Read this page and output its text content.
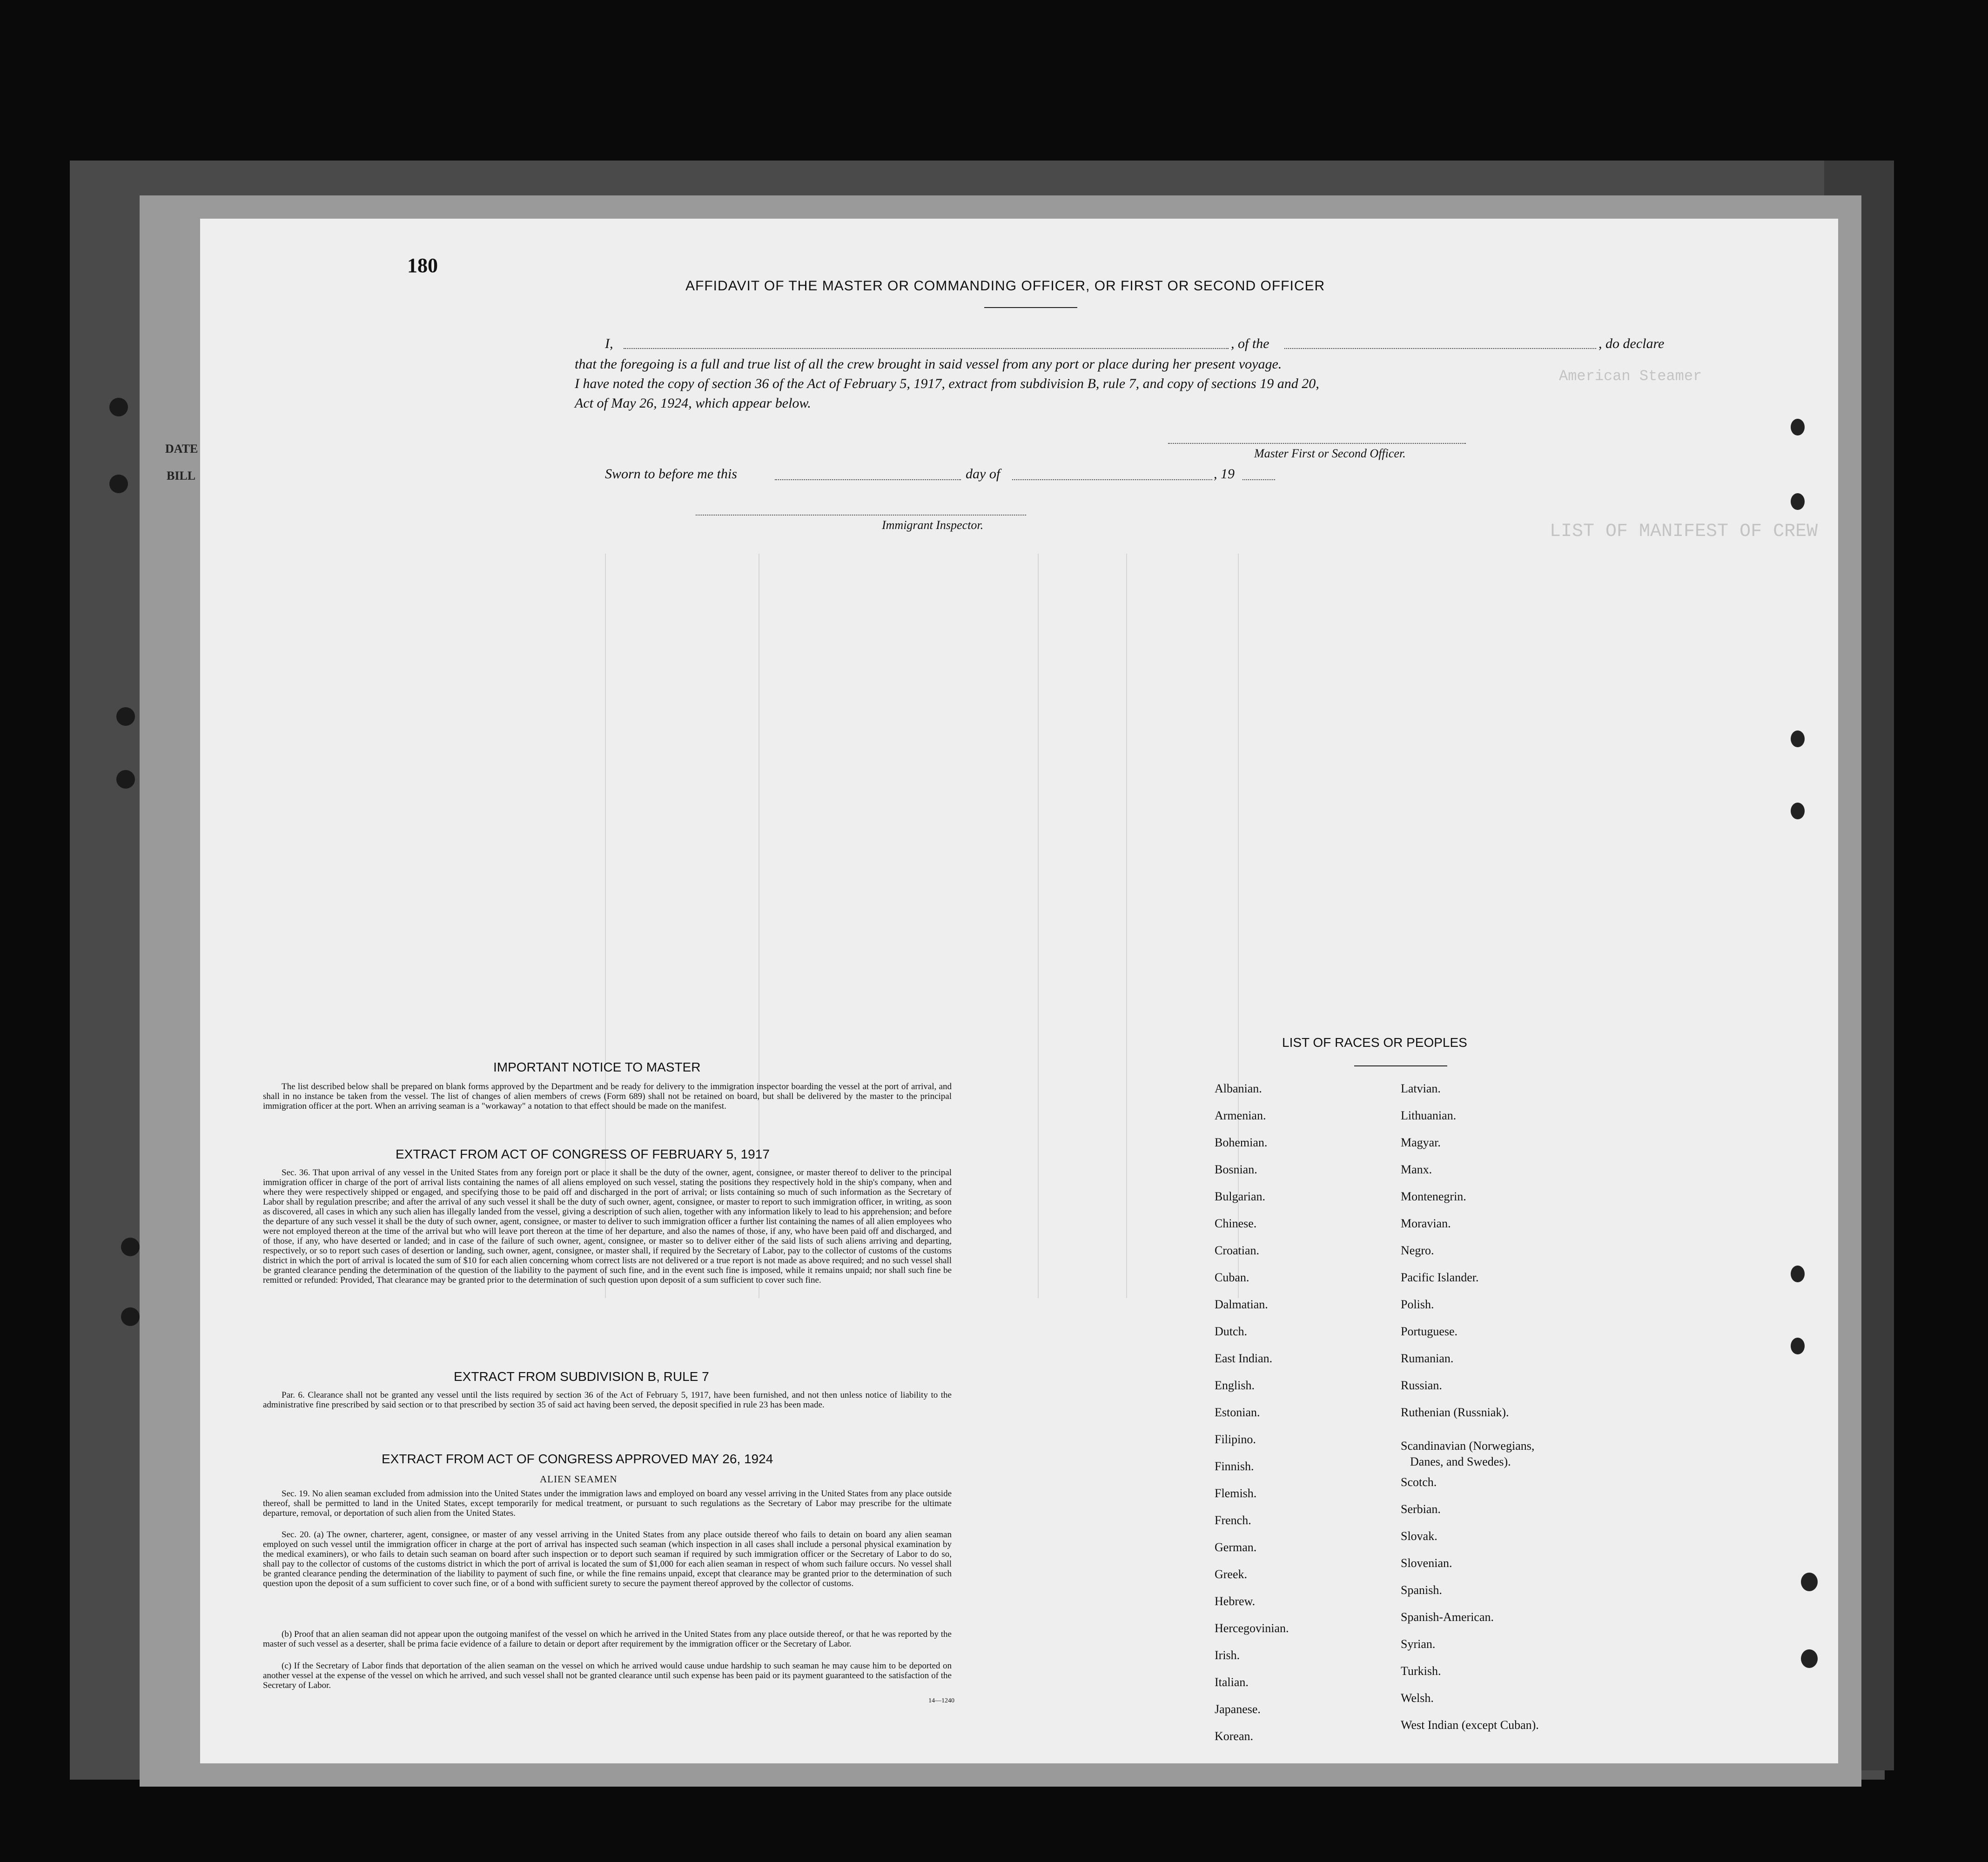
DATE
BILL
LIST OF MANIFEST OF CREW
American Steamer
180
AFFIDAVIT OF THE MASTER OR COMMANDING OFFICER, OR FIRST OR SECOND OFFICER
I,	, of the	, do declare
that the foregoing is a full and true list of all the crew brought in said vessel from any port or place during her present voyage.
I have noted the copy of section 36 of the Act of February 5, 1917, extract from subdivision B, rule 7, and copy of sections 19 and 20,
Act of May 26, 1924, which appear below.
Master First or Second Officer.
Sworn to before me this	day of	, 19
Immigrant Inspector.
IMPORTANT NOTICE TO MASTER
The list described below shall be prepared on blank forms approved by the Department and be ready for delivery to the immigration inspector boarding the vessel at the port of arrival, and shall in no instance be taken from the vessel. The list of changes of alien members of crews (Form 689) shall not be retained on board, but shall be delivered by the master to the principal immigration officer at the port. When an arriving seaman is a "workaway" a notation to that effect should be made on the manifest.
EXTRACT FROM ACT OF CONGRESS OF FEBRUARY 5, 1917
Sec. 36. That upon arrival of any vessel in the United States from any foreign port or place it shall be the duty of the owner, agent, consignee, or master thereof to deliver to the principal immigration officer in charge of the port of arrival lists containing the names of all aliens employed on such vessel, stating the positions they respectively hold in the ship's company, when and where they were respectively shipped or engaged, and specifying those to be paid off and discharged in the port of arrival; or lists containing so much of such information as the Secretary of Labor shall by regulation prescribe; and after the arrival of any such vessel it shall be the duty of such owner, agent, consignee, or master to report to such immigration officer, in writing, as soon as discovered, all cases in which any such alien has illegally landed from the vessel, giving a description of such alien, together with any information likely to lead to his apprehension; and before the departure of any such vessel it shall be the duty of such owner, agent, consignee, or master to deliver to such immigration officer a further list containing the names of all alien employees who were not employed thereon at the time of the arrival but who will leave port thereon at the time of her departure, and also the names of those, if any, who have been paid off and discharged, and of those, if any, who have deserted or landed; and in case of the failure of such owner, agent, consignee, or master so to deliver either of the said lists of such aliens arriving and departing, respectively, or so to report such cases of desertion or landing, such owner, agent, consignee, or master shall, if required by the Secretary of Labor, pay to the collector of customs of the customs district in which the port of arrival is located the sum of $10 for each alien concerning whom correct lists are not delivered or a true report is not made as above required; and no such vessel shall be granted clearance pending the determination of the question of the liability to the payment of such fine, and in the event such fine is imposed, while it remains unpaid; nor shall such fine be remitted or refunded: Provided, That clearance may be granted prior to the determination of such question upon deposit of a sum sufficient to cover such fine.
EXTRACT FROM SUBDIVISION B, RULE 7
Par. 6. Clearance shall not be granted any vessel until the lists required by section 36 of the Act of February 5, 1917, have been furnished, and not then unless notice of liability to the administrative fine prescribed by said section or to that prescribed by section 35 of said act having been served, the deposit specified in rule 23 has been made.
EXTRACT FROM ACT OF CONGRESS APPROVED MAY 26, 1924
ALIEN SEAMEN
Sec. 19. No alien seaman excluded from admission into the United States under the immigration laws and employed on board any vessel arriving in the United States from any place outside thereof, shall be permitted to land in the United States, except temporarily for medical treatment, or pursuant to such regulations as the Secretary of Labor may prescribe for the ultimate departure, removal, or deportation of such alien from the United States.
Sec. 20. (a) The owner, charterer, agent, consignee, or master of any vessel arriving in the United States from any place outside thereof who fails to detain on board any alien seaman employed on such vessel until the immigration officer in charge at the port of arrival has inspected such seaman (which inspection in all cases shall include a personal physical examination by the medical examiners), or who fails to detain such seaman on board after such inspection or to deport such seaman if required by such immigration officer or the Secretary of Labor to do so, shall pay to the collector of customs of the customs district in which the port of arrival is located the sum of $1,000 for each alien seaman in respect of whom such failure occurs. No vessel shall be granted clearance pending the determination of the liability to payment of such fine, or while the fine remains unpaid, except that clearance may be granted prior to the determination of such question upon the deposit of a sum sufficient to cover such fine, or of a bond with sufficient surety to secure the payment thereof approved by the collector of customs.
(b) Proof that an alien seaman did not appear upon the outgoing manifest of the vessel on which he arrived in the United States from any place outside thereof, or that he was reported by the master of such vessel as a deserter, shall be prima facie evidence of a failure to detain or deport after requirement by the immigration officer or the Secretary of Labor.
(c) If the Secretary of Labor finds that deportation of the alien seaman on the vessel on which he arrived would cause undue hardship to such seaman he may cause him to be deported on another vessel at the expense of the vessel on which he arrived, and such vessel shall not be granted clearance until such expense has been paid or its payment guaranteed to the satisfaction of the Secretary of Labor.
14—1240
LIST OF RACES OR PEOPLES
Albanian.
Armenian.
Bohemian.
Bosnian.
Bulgarian.
Chinese.
Croatian.
Cuban.
Dalmatian.
Dutch.
East Indian.
English.
Estonian.
Filipino.
Finnish.
Flemish.
French.
German.
Greek.
Hebrew.
Hercegovinian.
Irish.
Italian.
Japanese.
Korean.
Latvian.
Lithuanian.
Magyar.
Manx.
Montenegrin.
Moravian.
Negro.
Pacific Islander.
Polish.
Portuguese.
Rumanian.
Russian.
Ruthenian (Russniak).
Scandinavian (Norwegians,
Danes, and Swedes).
Scotch.
Serbian.
Slovak.
Slovenian.
Spanish.
Spanish-American.
Syrian.
Turkish.
Welsh.
West Indian (except Cuban).
